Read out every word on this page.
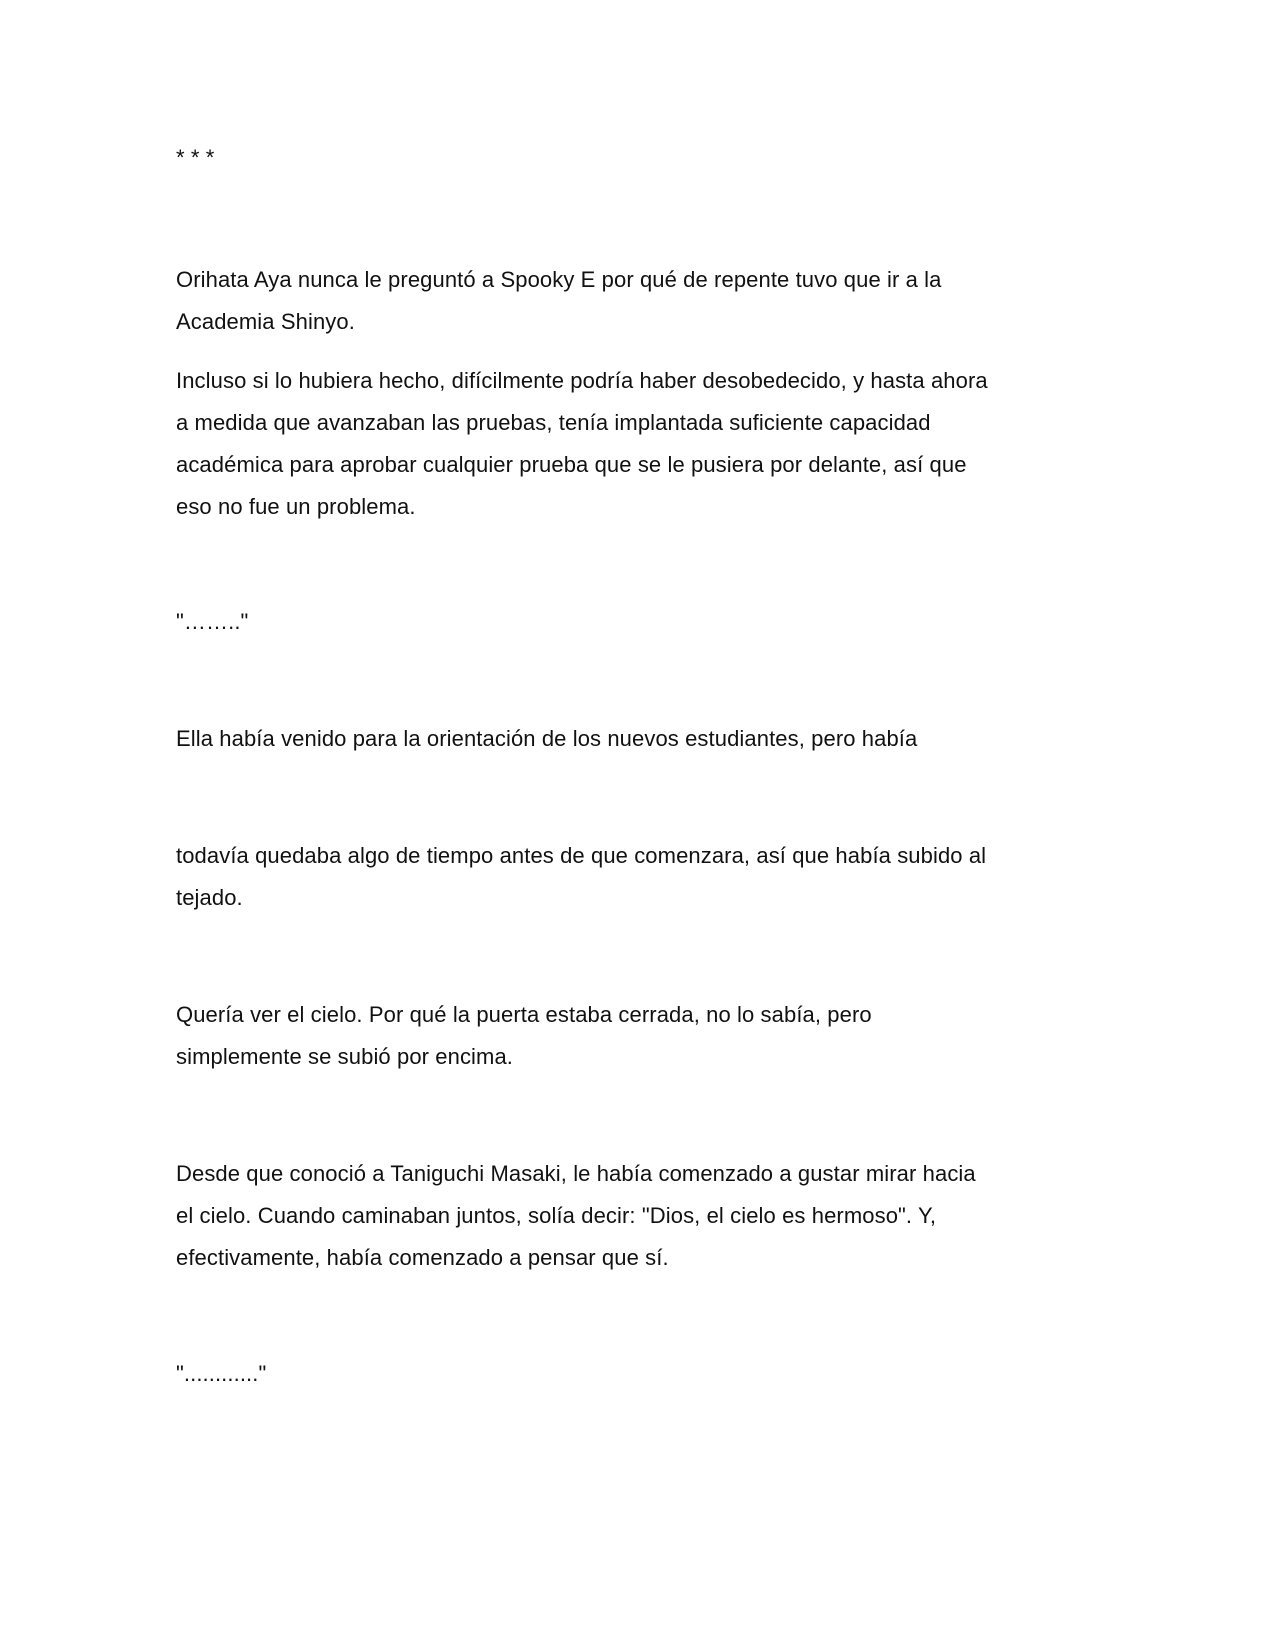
* * *

Orihata Aya nunca le preguntó a Spooky E por qué de repente tuvo que ir a la

Academia Shinyo.

Incluso si lo hubiera hecho, difícilmente podría haber desobedecido, y hasta ahora

a medida que avanzaban las pruebas, tenía implantada suficiente capacidad

académica para aprobar cualquier prueba que se le pusiera por delante, así que

eso no fue un problema.

"…….."

Ella había venido para la orientación de los nuevos estudiantes, pero había

todavía quedaba algo de tiempo antes de que comenzara, así que había subido al

tejado.

Quería ver el cielo. Por qué la puerta estaba cerrada, no lo sabía, pero

simplemente se subió por encima.

Desde que conoció a Taniguchi Masaki, le había comenzado a gustar mirar hacia

el cielo. Cuando caminaban juntos, solía decir: "Dios, el cielo es hermoso". Y,

efectivamente, había comenzado a pensar que sí.

"............"
